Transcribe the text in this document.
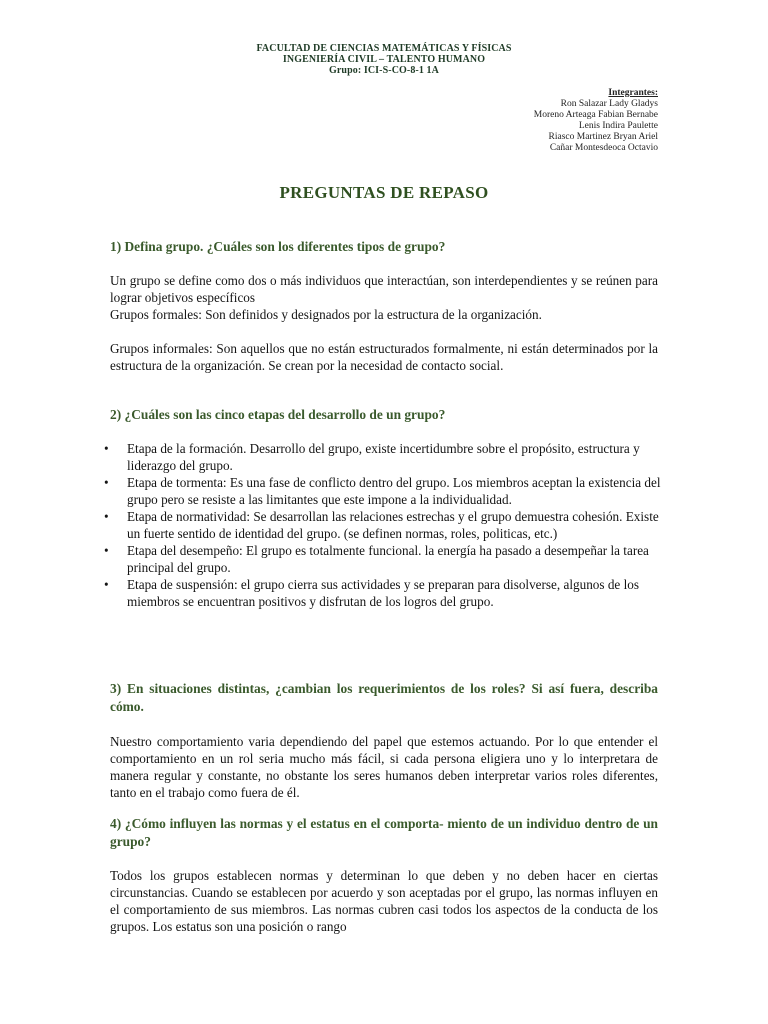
FACULTAD DE CIENCIAS MATEMÁTICAS Y FÍSICAS
INGENIERÍA CIVIL – TALENTO HUMANO
Grupo: ICI-S-CO-8-1 1A
Integrantes:
Ron Salazar Lady Gladys
Moreno Arteaga Fabian Bernabe
Lenis Indira Paulette
Riasco Martinez Bryan Ariel
Cañar Montesdeoca Octavio
PREGUNTAS DE REPASO
1) Defina grupo. ¿Cuáles son los diferentes tipos de grupo?
Un grupo se define como dos o más individuos que interactúan, son interdependientes y se reúnen para lograr objetivos específicos
Grupos formales: Son definidos y designados por la estructura de la organización.
Grupos informales: Son aquellos que no están estructurados formalmente, ni están determinados por la estructura de la organización. Se crean por la necesidad de contacto social.
2) ¿Cuáles son las cinco etapas del desarrollo de un grupo?
• Etapa de la formación. Desarrollo del grupo, existe incertidumbre sobre el propósito, estructura y liderazgo del grupo.
• Etapa de tormenta: Es una fase de conflicto dentro del grupo. Los miembros aceptan la existencia del grupo pero se resiste a las limitantes que este impone a la individualidad.
• Etapa de normatividad: Se desarrollan las relaciones estrechas y el grupo demuestra cohesión. Existe un fuerte sentido de identidad del grupo. (se definen normas, roles, politicas, etc.)
• Etapa del desempeño: El grupo es totalmente funcional. la energía ha pasado a desempeñar la tarea principal del grupo.
• Etapa de suspensión: el grupo cierra sus actividades y se preparan para disolverse, algunos de los miembros se encuentran positivos y disfrutan de los logros del grupo.
3) En situaciones distintas, ¿cambian los requerimientos de los roles? Si así fuera, describa cómo.
Nuestro comportamiento varia dependiendo del papel que estemos actuando. Por lo que entender el comportamiento en un rol seria mucho más fácil, si cada persona eligiera uno y lo interpretara de manera regular y constante, no obstante los seres humanos deben interpretar varios roles diferentes, tanto en el trabajo como fuera de él.
4) ¿Cómo influyen las normas y el estatus en el comporta- miento de un individuo dentro de un grupo?
Todos los grupos establecen normas y determinan lo que deben y no deben hacer en ciertas circunstancias. Cuando se establecen por acuerdo y son aceptadas por el grupo, las normas influyen en el comportamiento de sus miembros. Las normas cubren casi todos los aspectos de la conducta de los grupos. Los estatus son una posición o rango
